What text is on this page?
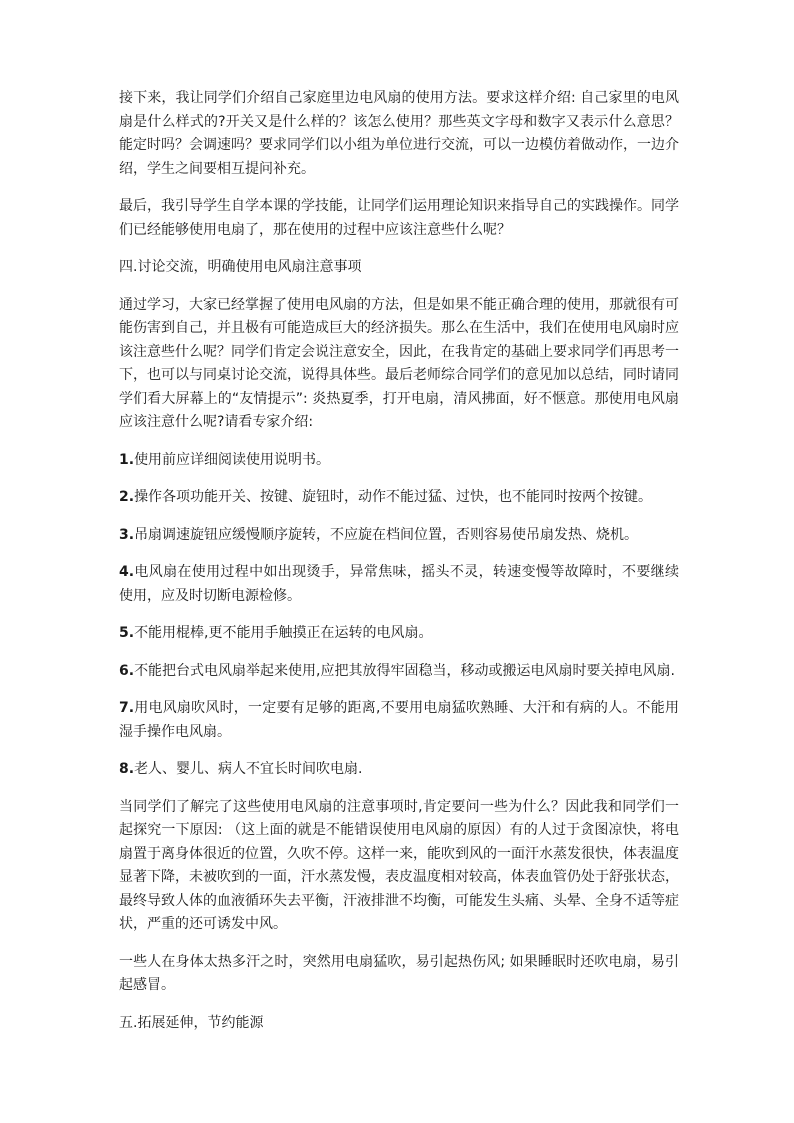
接下来，我让同学们介绍自己家庭里边电风扇的使用方法。要求这样介绍: 自己家里的电风扇是什么样式的?开关又是什么样的？该怎么使用？那些英文字母和数字又表示什么意思？能定时吗？会调速吗？要求同学们以小组为单位进行交流，可以一边模仿着做动作，一边介绍，学生之间要相互提问补充。

最后，我引导学生自学本课的学技能，让同学们运用理论知识来指导自己的实践操作。同学们已经能够使用电扇了，那在使用的过程中应该注意些什么呢？

四.讨论交流，明确使用电风扇注意事项

通过学习，大家已经掌握了使用电风扇的方法，但是如果不能正确合理的使用，那就很有可能伤害到自己，并且极有可能造成巨大的经济损失。那么在生活中，我们在使用电风扇时应该注意些什么呢？同学们肯定会说注意安全，因此，在我肯定的基础上要求同学们再思考一下，也可以与同桌讨论交流，说得具体些。最后老师综合同学们的意见加以总结，同时请同学们看大屏幕上的“友情提示”: 炎热夏季，打开电扇，清风拂面，好不惬意。那使用电风扇应该注意什么呢?请看专家介绍:

1.使用前应详细阅读使用说明书。

2.操作各项功能开关、按键、旋钮时，动作不能过猛、过快，也不能同时按两个按键。

3.吊扇调速旋钮应缓慢顺序旋转，不应旋在档间位置，否则容易使吊扇发热、烧机。

4.电风扇在使用过程中如出现烫手，异常焦味，摇头不灵，转速变慢等故障时，不要继续使用，应及时切断电源检修。

5.不能用棍棒,更不能用手触摸正在运转的电风扇。

6.不能把台式电风扇举起来使用,应把其放得牢固稳当，移动或搬运电风扇时要关掉电风扇.

7.用电风扇吹风时，一定要有足够的距离,不要用电扇猛吹熟睡、大汗和有病的人。不能用湿手操作电风扇。

8.老人、婴儿、病人不宜长时间吹电扇.

当同学们了解完了这些使用电风扇的注意事项时,肯定要问一些为什么？因此我和同学们一起探究一下原因: （这上面的就是不能错误使用电风扇的原因）有的人过于贪图凉快，将电扇置于离身体很近的位置，久吹不停。这样一来，能吹到风的一面汗水蒸发很快，体表温度显著下降，未被吹到的一面，汗水蒸发慢，表皮温度相对较高，体表血管仍处于舒张状态，最终导致人体的血液循环失去平衡，汗液排泄不均衡，可能发生头痛、头晕、全身不适等症状，严重的还可诱发中风。

一些人在身体太热多汗之时，突然用电扇猛吹，易引起热伤风; 如果睡眠时还吹电扇，易引起感冒。

五.拓展延伸，节约能源
